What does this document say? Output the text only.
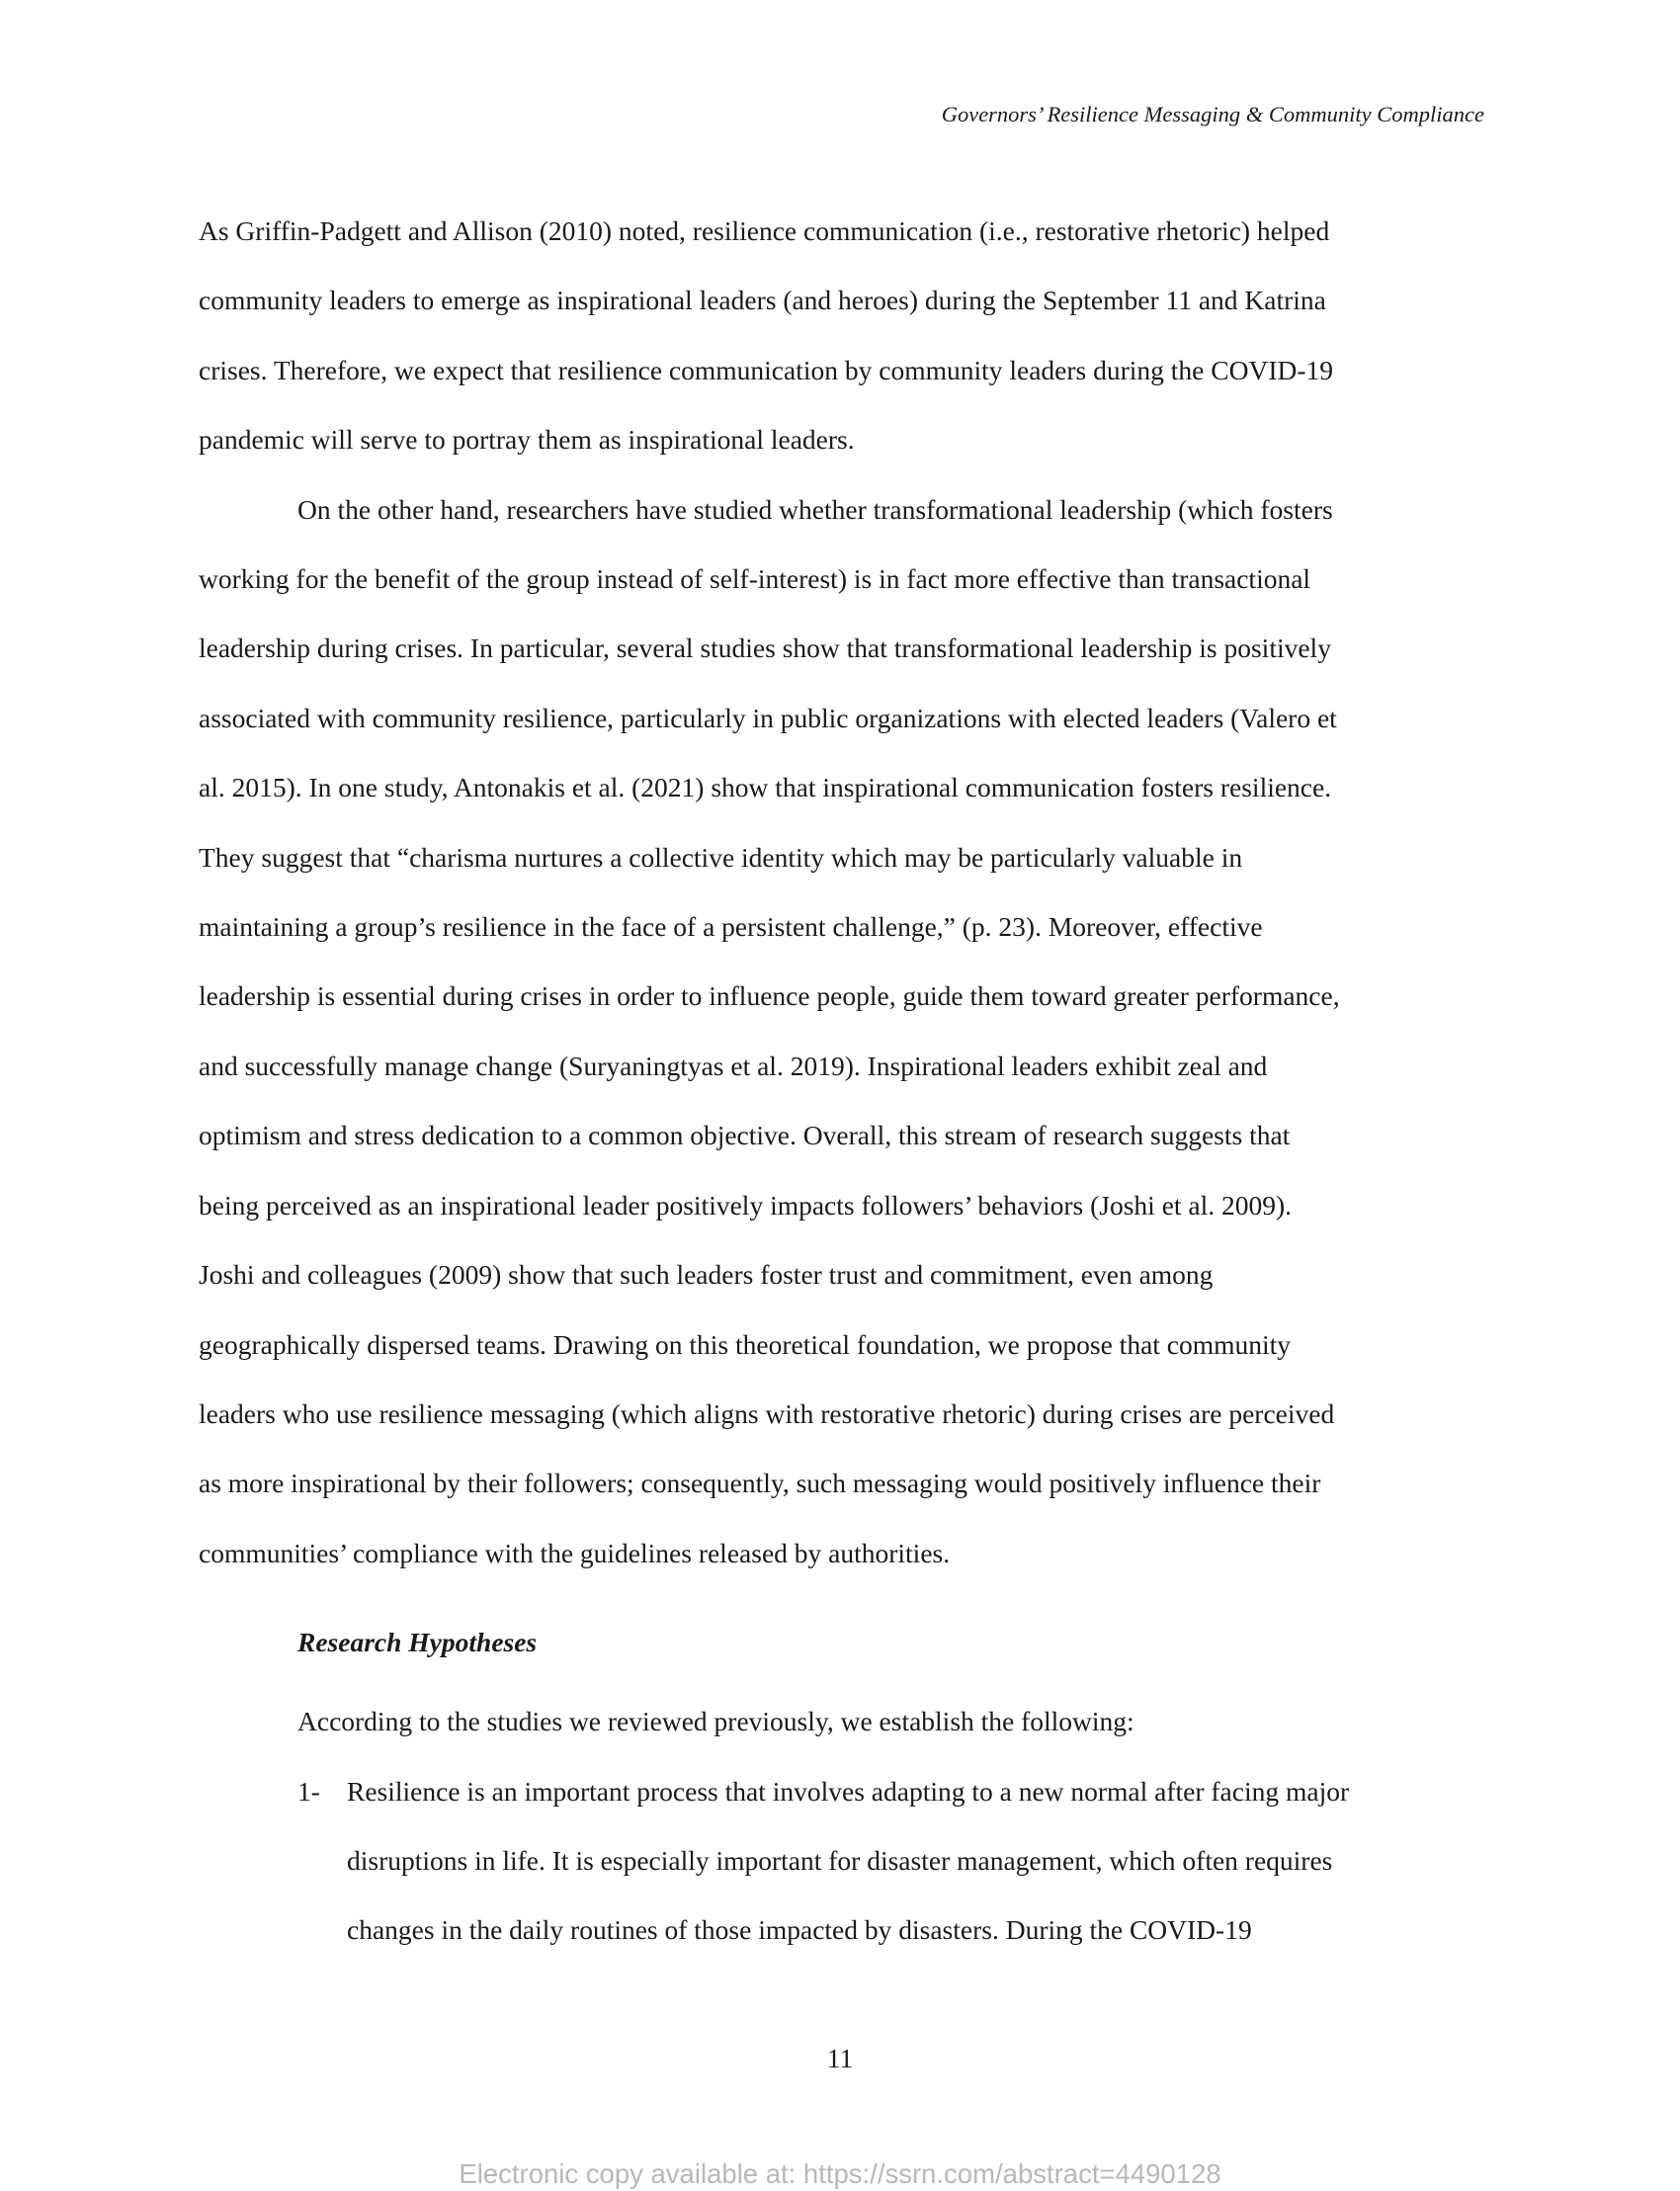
Governors’ Resilience Messaging & Community Compliance

As Griffin-Padgett and Allison (2010) noted, resilience communication (i.e., restorative rhetoric) helped

community leaders to emerge as inspirational leaders (and heroes) during the September 11 and Katrina

crises. Therefore, we expect that resilience communication by community leaders during the COVID-19

pandemic will serve to portray them as inspirational leaders.

On the other hand, researchers have studied whether transformational leadership (which fosters

working for the benefit of the group instead of self-interest) is in fact more effective than transactional

leadership during crises. In particular, several studies show that transformational leadership is positively

associated with community resilience, particularly in public organizations with elected leaders (Valero et

al. 2015). In one study, Antonakis et al. (2021) show that inspirational communication fosters resilience.

They suggest that “charisma nurtures a collective identity which may be particularly valuable in

maintaining a group’s resilience in the face of a persistent challenge,” (p. 23). Moreover, effective

leadership is essential during crises in order to influence people, guide them toward greater performance,

and successfully manage change (Suryaningtyas et al. 2019). Inspirational leaders exhibit zeal and

optimism and stress dedication to a common objective. Overall, this stream of research suggests that

being perceived as an inspirational leader positively impacts followers’ behaviors (Joshi et al. 2009).

Joshi and colleagues (2009) show that such leaders foster trust and commitment, even among

geographically dispersed teams. Drawing on this theoretical foundation, we propose that community

leaders who use resilience messaging (which aligns with restorative rhetoric) during crises are perceived

as more inspirational by their followers; consequently, such messaging would positively influence their

communities’ compliance with the guidelines released by authorities.

Research Hypotheses

According to the studies we reviewed previously, we establish the following:

1- Resilience is an important process that involves adapting to a new normal after facing major

disruptions in life. It is especially important for disaster management, which often requires

changes in the daily routines of those impacted by disasters. During the COVID-19

11
Electronic copy available at: https://ssrn.com/abstract=4490128
